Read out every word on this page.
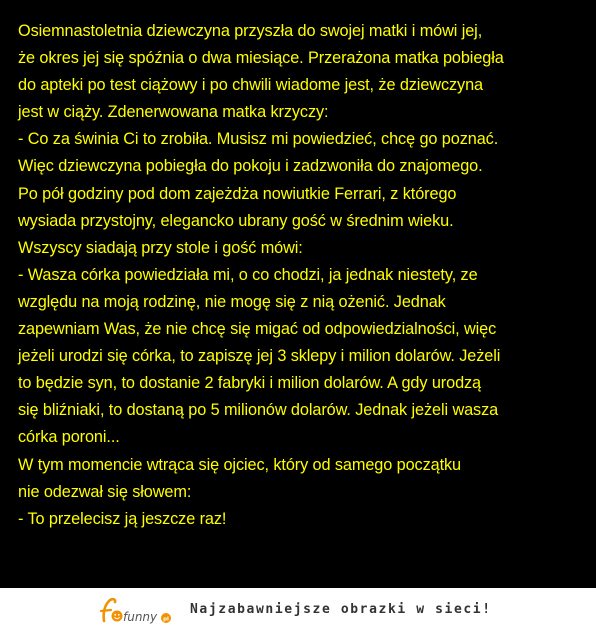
Osiemnastoletnia dziewczyna przyszła do swojej matki i mówi jej,
że okres jej się spóźnia o dwa miesiące. Przerażona matka pobiegła
do apteki po test ciążowy i po chwili wiadome jest, że dziewczyna
jest w ciąży. Zdenerwowana matka krzyczy:
- Co za świnia Ci to zrobiła. Musisz mi powiedzieć, chcę go poznać.
Więc dziewczyna pobiegła do pokoju i zadzwoniła do znajomego.
Po pół godziny pod dom zajeżdża nowiutkie Ferrari, z którego
wysiada przystojny, elegancko ubrany gość w średnim wieku.
Wszyscy siadają przy stole i gość mówi:
- Wasza córka powiedziała mi, o co chodzi, ja jednak niestety, ze
względu na moją rodzinę, nie mogę się z nią ożenić. Jednak
zapewniam Was, że nie chcę się migać od odpowiedzialności, więc
jeżeli urodzi się córka, to zapiszę jej 3 sklepy i milion dolarów. Jeżeli
to będzie syn, to dostanie 2 fabryki i milion dolarów. A gdy urodzą
się bliźniaki, to dostaną po 5 milionów dolarów. Jednak jeżeli wasza
córka poroni...
W tym momencie wtrąca się ojciec, który od samego początku
nie odezwał się słowem:
- To przelecisz ją jeszcze raz!
funny pl
Najzabawniejsze obrazki w sieci!
